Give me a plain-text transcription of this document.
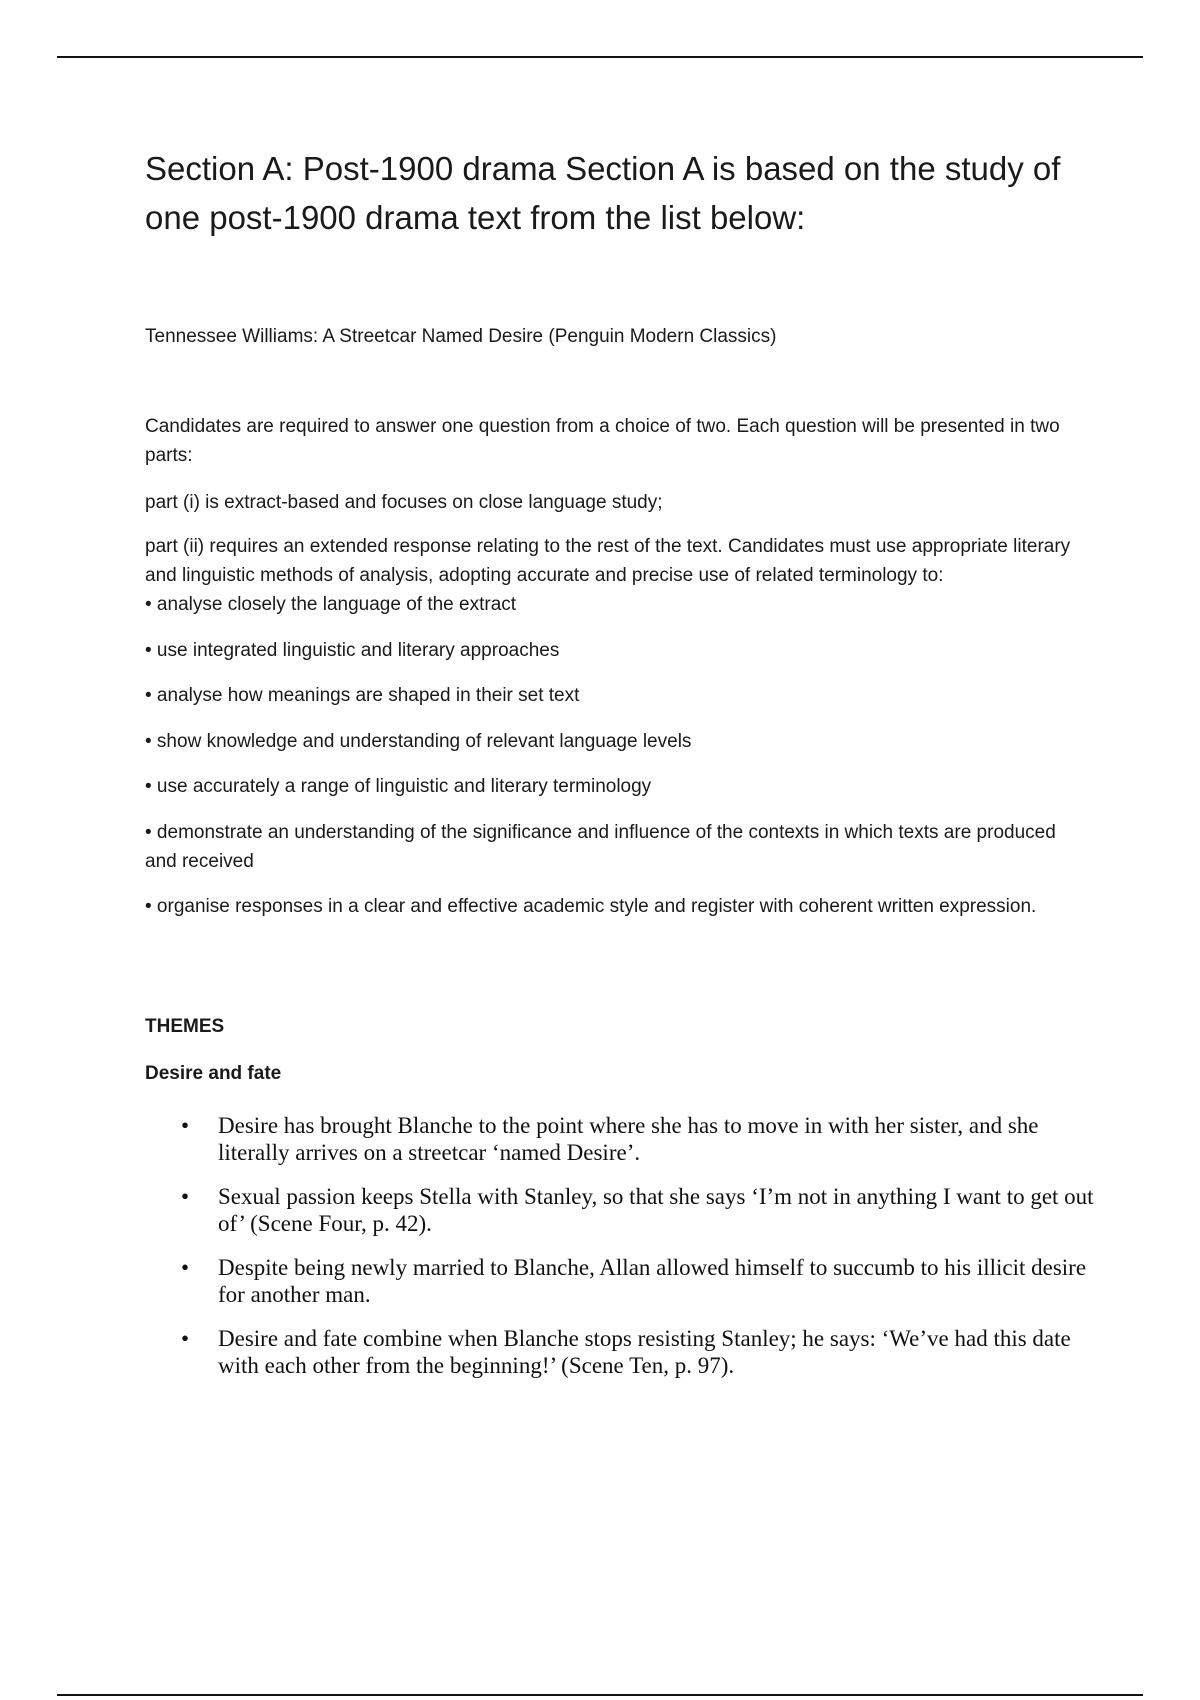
Section A: Post-1900 drama Section A is based on the study of one post-1900 drama text from the list below:

Tennessee Williams: A Streetcar Named Desire (Penguin Modern Classics)

Candidates are required to answer one question from a choice of two. Each question will be presented in two parts:

part (i) is extract-based and focuses on close language study;

part (ii) requires an extended response relating to the rest of the text. Candidates must use appropriate literary and linguistic methods of analysis, adopting accurate and precise use of related terminology to:

• analyse closely the language of the extract

• use integrated linguistic and literary approaches

• analyse how meanings are shaped in their set text

• show knowledge and understanding of relevant language levels

• use accurately a range of linguistic and literary terminology

• demonstrate an understanding of the significance and influence of the contexts in which texts are produced and received

• organise responses in a clear and effective academic style and register with coherent written expression.

THEMES
Desire and fate
• Desire has brought Blanche to the point where she has to move in with her sister, and she literally arrives on a streetcar ‘named Desire’.
• Sexual passion keeps Stella with Stanley, so that she says ‘I’m not in anything I want to get out of’ (Scene Four, p. 42).
• Despite being newly married to Blanche, Allan allowed himself to succumb to his illicit desire for another man.
• Desire and fate combine when Blanche stops resisting Stanley; he says: ‘We’ve had this date with each other from the beginning!’ (Scene Ten, p. 97).
